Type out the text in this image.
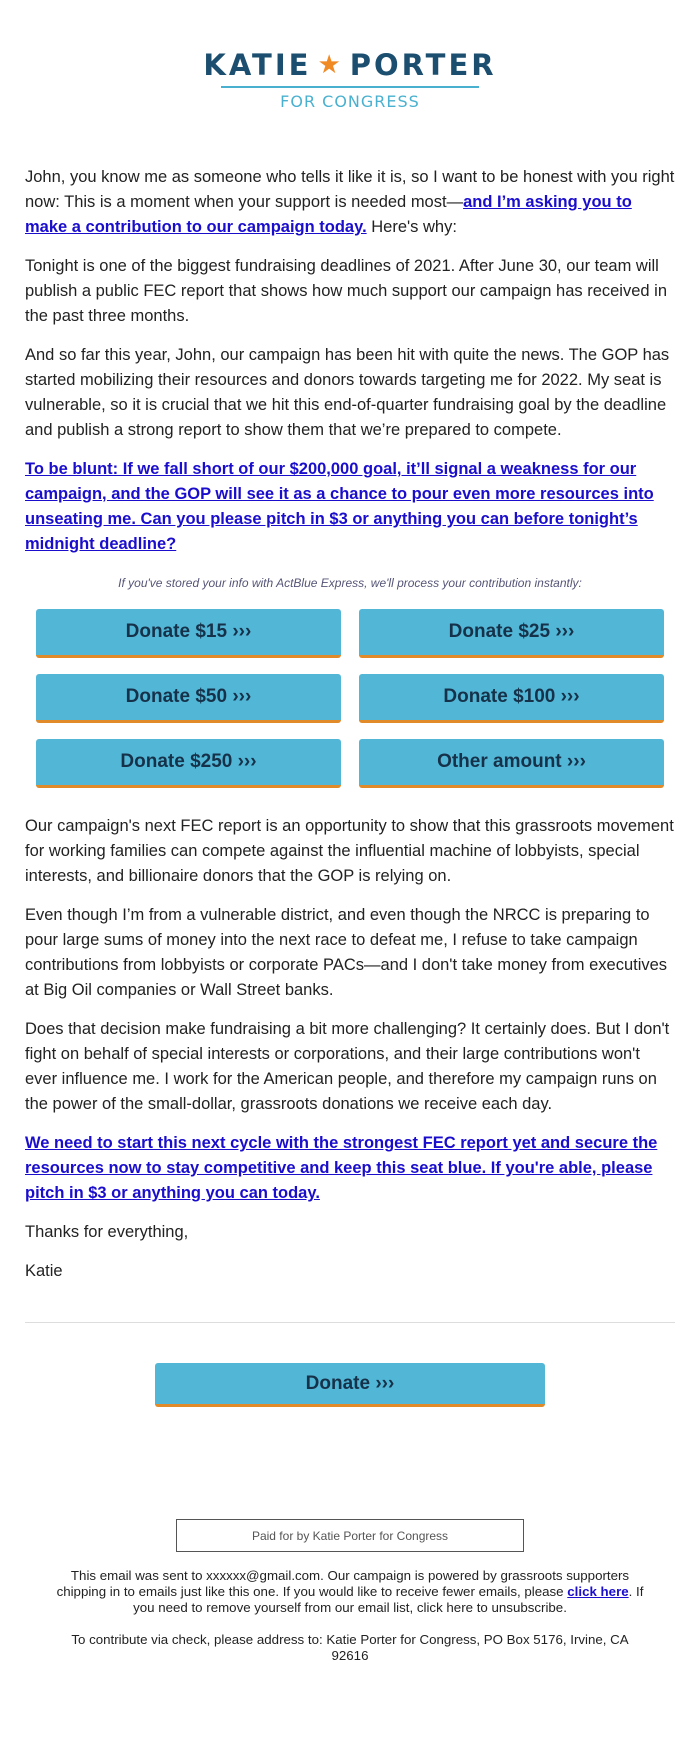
KATIE ★ PORTER
FOR CONGRESS

John, you know me as someone who tells it like it is, so I want to be honest with you right now: This is a moment when your support is needed most—and I’m asking you to make a contribution to our campaign today. Here's why:

Tonight is one of the biggest fundraising deadlines of 2021. After June 30, our team will publish a public FEC report that shows how much support our campaign has received in the past three months.

And so far this year, John, our campaign has been hit with quite the news. The GOP has started mobilizing their resources and donors towards targeting me for 2022. My seat is vulnerable, so it is crucial that we hit this end-of-quarter fundraising goal by the deadline and publish a strong report to show them that we’re prepared to compete.

To be blunt: If we fall short of our $200,000 goal, it’ll signal a weakness for our campaign, and the GOP will see it as a chance to pour even more resources into unseating me. Can you please pitch in $3 or anything you can before tonight’s midnight deadline?

If you've stored your info with ActBlue Express, we'll process your contribution instantly:
Donate $15 ›››	Donate $25 ›››
Donate $50 ›››	Donate $100 ›››
Donate $250 ›››	Other amount ›››

Our campaign's next FEC report is an opportunity to show that this grassroots movement for working families can compete against the influential machine of lobbyists, special interests, and billionaire donors that the GOP is relying on.

Even though I’m from a vulnerable district, and even though the NRCC is preparing to pour large sums of money into the next race to defeat me, I refuse to take campaign contributions from lobbyists or corporate PACs—and I don't take money from executives at Big Oil companies or Wall Street banks.

Does that decision make fundraising a bit more challenging? It certainly does. But I don't fight on behalf of special interests or corporations, and their large contributions won't ever influence me. I work for the American people, and therefore my campaign runs on the power of the small-dollar, grassroots donations we receive each day.

We need to start this next cycle with the strongest FEC report yet and secure the resources now to stay competitive and keep this seat blue. If you're able, please pitch in $3 or anything you can today.

Thanks for everything,

Katie

Donate ›››
Paid for by Katie Porter for Congress
This email was sent to xxxxxx@gmail.com. Our campaign is powered by grassroots supporters chipping in to emails just like this one. If you would like to receive fewer emails, please click here. If you need to remove yourself from our email list, click here to unsubscribe.
To contribute via check, please address to: Katie Porter for Congress, PO Box 5176, Irvine, CA 92616
